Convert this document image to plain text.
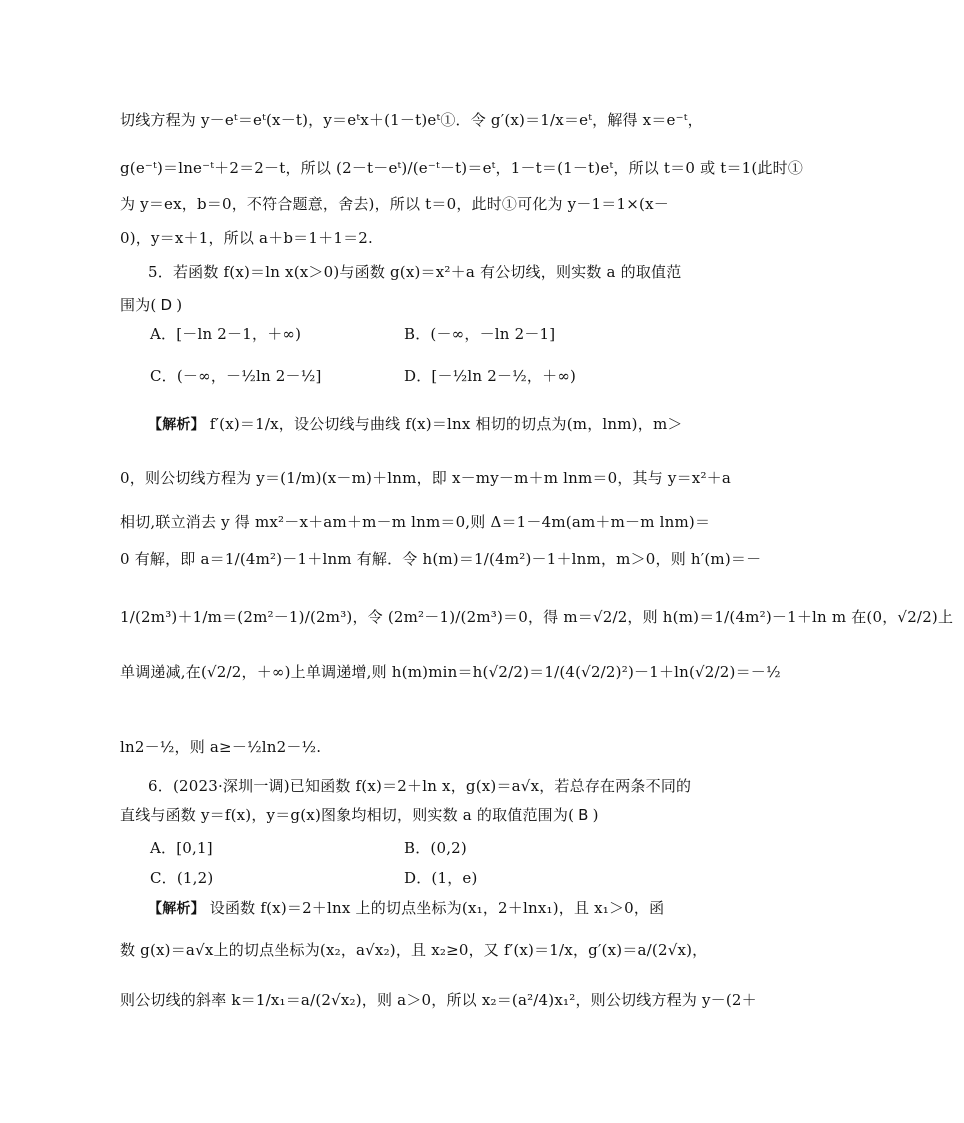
切线方程为 y－eᵗ＝eᵗ(x－t)，y＝eᵗx＋(1－t)eᵗ①．令 g′(x)＝1/x＝eᵗ，解得 x＝e⁻ᵗ，
g(e⁻ᵗ)＝lne⁻ᵗ＋2＝2－t，所以 (2－t－eᵗ)/(e⁻ᵗ－t)＝eᵗ，1－t＝(1－t)eᵗ，所以 t＝0 或 t＝1(此时①
为 y＝ex，b＝0，不符合题意，舍去)，所以 t＝0，此时①可化为 y－1＝1×(x－
0)，y＝x＋1，所以 a＋b＝1＋1＝2.
5．若函数 f(x)＝ln x(x＞0)与函数 g(x)＝x²＋a 有公切线，则实数 a 的取值范
围为( D )
A．[－ln 2－1，＋∞)	B．(－∞，－ln 2－1]
C．(－∞，－½ln 2－½]	D．[－½ln 2－½，＋∞)
【解析】 f′(x)＝1/x，设公切线与曲线 f(x)＝lnx 相切的切点为(m，lnm)，m＞
0，则公切线方程为 y＝(1/m)(x－m)＋lnm，即 x－my－m＋m lnm＝0，其与 y＝x²＋a
相切,联立消去 y 得 mx²－x＋am＋m－m lnm＝0,则 Δ＝1－4m(am＋m－m lnm)＝
0 有解，即 a＝1/(4m²)－1＋lnm 有解．令 h(m)＝1/(4m²)－1＋lnm，m＞0，则 h′(m)＝－
1/(2m³)＋1/m＝(2m²－1)/(2m³)，令 (2m²－1)/(2m³)＝0，得 m＝√2/2，则 h(m)＝1/(4m²)－1＋ln m 在(0，√2/2)上
单调递减,在(√2/2，＋∞)上单调递增,则 h(m)min＝h(√2/2)＝1/(4(√2/2)²)－1＋ln(√2/2)＝－½
ln2－½，则 a≥－½ln2－½.
6．(2023·深圳一调)已知函数 f(x)＝2＋ln x，g(x)＝a√x，若总存在两条不同的
直线与函数 y＝f(x)，y＝g(x)图象均相切，则实数 a 的取值范围为( B )
A．[0,1]	B．(0,2)
C．(1,2)	D．(1，e)
【解析】 设函数 f(x)＝2＋lnx 上的切点坐标为(x₁，2＋lnx₁)，且 x₁＞0，函
数 g(x)＝a√x上的切点坐标为(x₂，a√x₂)，且 x₂≥0，又 f′(x)＝1/x，g′(x)＝a/(2√x)，
则公切线的斜率 k＝1/x₁＝a/(2√x₂)，则 a＞0，所以 x₂＝(a²/4)x₁²，则公切线方程为 y－(2＋
